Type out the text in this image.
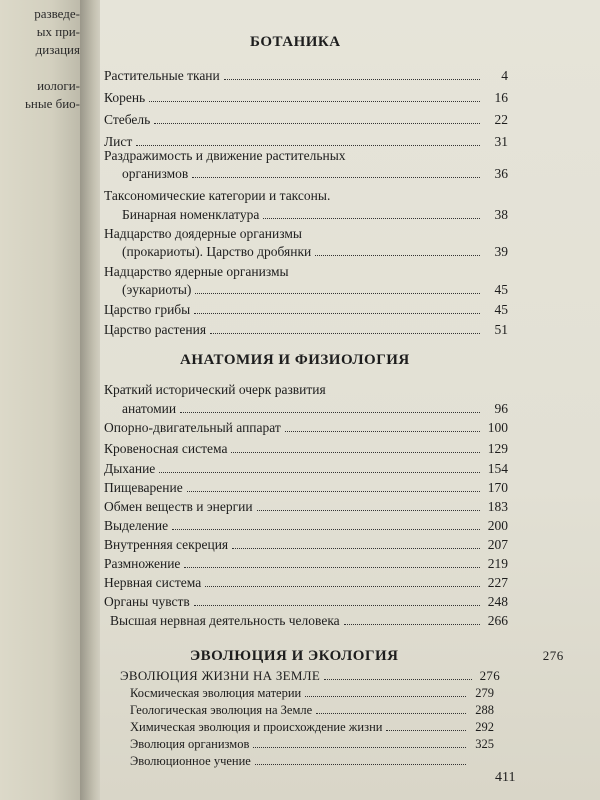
разведе-
ых при-
дизация
иологи-
ьные био-
БОТАНИКА
Растительные ткани	4
Корень	16
Стебель	22
Лист	31
Раздражимость и движение растительных
организмов	36
Таксономические категории и таксоны.
Бинарная номенклатура	38
Надцарство доядерные организмы
(прокариоты). Царство дробянки	39
Надцарство ядерные организмы
(эукариоты)	45
Царство грибы	45
Царство растения	51
АНАТОМИЯ И ФИЗИОЛОГИЯ
Краткий исторический очерк развития
анатомии	96
Опорно-двигательный аппарат	100
Кровеносная система	129
Дыхание	154
Пищеварение	170
Обмен веществ и энергии	183
Выделение	200
Внутренняя секреция	207
Размножение	219
Нервная система	227
Органы чувств	248
Высшая нервная деятельность человека	266
ЭВОЛЮЦИЯ И ЭКОЛОГИЯ	276
ЭВОЛЮЦИЯ ЖИЗНИ НА ЗЕМЛЕ	276
Космическая эволюция материи	279
Геологическая эволюция на Земле	288
Химическая эволюция и происхождение жизни	292
Эволюция организмов	325
Эволюционное учение
411
